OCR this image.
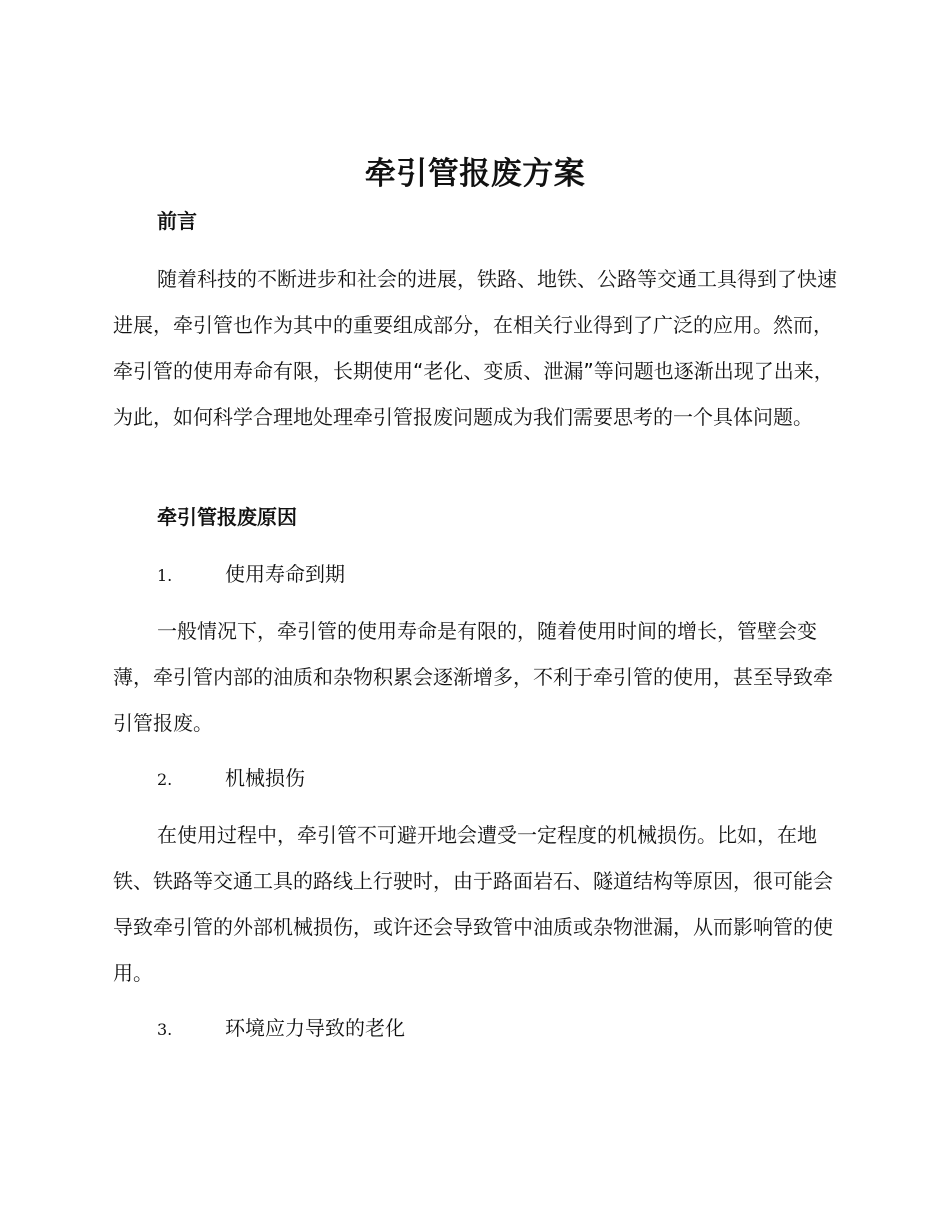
牵引管报废方案
前言

随着科技的不断进步和社会的进展，铁路、地铁、公路等交通工具得到了快速进展，牵引管也作为其中的重要组成部分，在相关行业得到了广泛的应用。然而，牵引管的使用寿命有限，长期使用“老化、变质、泄漏”等问题也逐渐出现了出来，为此，如何科学合理地处理牵引管报废问题成为我们需要思考的一个具体问题。

牵引管报废原因
1.	使用寿命到期

一般情况下，牵引管的使用寿命是有限的，随着使用时间的增长，管壁会变薄，牵引管内部的油质和杂物积累会逐渐增多，不利于牵引管的使用，甚至导致牵引管报废。

2.	机械损伤

在使用过程中，牵引管不可避开地会遭受一定程度的机械损伤。比如，在地铁、铁路等交通工具的路线上行驶时，由于路面岩石、隧道结构等原因，很可能会导致牵引管的外部机械损伤，或许还会导致管中油质或杂物泄漏，从而影响管的使用。

3.	环境应力导致的老化
